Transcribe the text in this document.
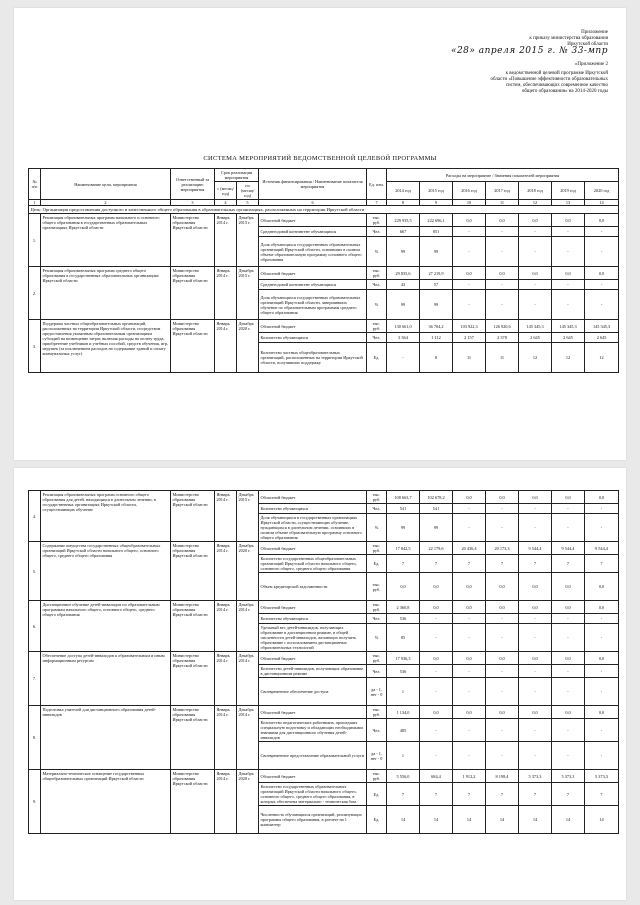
Приложение
к приказу министерства образования
Иркутской области
«28» апреля 2015 г. № 33-мпр
«Приложение 2
к ведомственной целевой программе Иркутской
области «Повышение эффективности образовательных
систем, обеспечивающих современное качество
общего образования» на 2014-2020 годы
СИСТЕМА МЕРОПРИЯТИЙ ВЕДОМСТВЕННОЙ ЦЕЛЕВОЙ ПРОГРАММЫ
№ п/п	Наименование цели, мероприятия	Ответственный за реализацию мероприятия	Срок реализации мероприятия		Источник финансирования / Наименование показателя мероприятия	Ед. изм.	Расходы на мероприятие / Значения показателей мероприятия						
			с (месяц/год)	по (месяц/год)			2014 год	2015 год	2016 год	2017 год	2018 год	2019 год	2020 год

1	2	3	4	5	6	7	8	9	10	11	12	13	14
Цель: Организация предоставления доступного и качественного общего образования в образовательных организациях, расположенных на территории Иркутской области													
1.	Реализация образовательных программ начального и основного общего образования в государственных образовательных организациях Иркутской области	Министерство образования Иркутской области	Январь 2014 г.	Декабрь 2015 г.	Областной бюджет	тыс. руб.	229 935,5	222 696,1	0,0	0,0	0,0	0,0	0,0
					Среднегодовой контингент обучающихся	Чел.	667	851	-	-	-	-	-
					Доля обучающихся государственных образовательных организаций Иркутской области, освоивших в полном объеме образовательную программу основного общего образования	%	99	99	-	-	-	-	-
2.	Реализация образовательных программ среднего общего образования в государственных образовательных организациях Иркутской области	Министерство образования Иркутской области	Январь 2014 г.	Декабрь 2015 г.	Областной бюджет	тыс. руб.	29 835,6	27 219,9	0,0	0,0	0,0	0,0	0,0
					Среднегодовой контингент обучающихся	Чел.	43	57	-	-	-	-	-
					Доля обучающихся государственных образовательных организаций Иркутской области, завершивших обучение по образовательным программам среднего общего образования	%	99	99	-	-	-	-	-
3.	Поддержка частных общеобразовательных организаций, расположенных на территории Иркутской области, посредством предоставления указанным образовательным организациям субсидий на возмещение затрат, включая расходы на оплату труда, приобретение учебников и учебных пособий, средств обучения, игр, игрушек (за исключением расходов на содержание зданий и оплату коммунальных услуг)	Министерство образования Иркутской области	Январь 2014 г.	Декабрь 2020 г.	Областной бюджет	тыс. руб.	130 661,0	36 704,2	103 922,3	126 920,6	145 345,3	145 345,3	145 345,3
					Количество обучающихся	Чел.	3 364	1 112	2 157	2 378	2 645	2 645	2 645
					Количество частных общеобразовательных организаций, расположенных на территории Иркутской области, получивших поддержку	Ед.	-	8	11	11	12	12	12
4.	Реализация образовательных программ основного общего образования для детей, находящихся в длительном лечении, в государственных организациях Иркутской области, осуществляющих обучение	Министерство образования Иркутской области	Январь 2014 г.	Декабрь 2015 г.	Областной бюджет	тыс. руб.	108 663,7	102 678,2	0,0	0,0	0,0	0,0	0,0
					Количество обучающихся	Чел.	541	541	-	-	-	-	-
					Доля обучающихся в государственных организациях Иркутской области, осуществляющих обучение, нуждающихся в длительном лечении, освоивших в полном объеме образовательную программу основного общего образования	%	99	99	-	-	-	-	-
5.	Содержание имущества государственных общеобразовательных организаций Иркутской области начального общего, основного общего, среднего общего образования	Министерство образования Иркутской области	Январь 2014 г.	Декабрь 2020 г.	Областной бюджет	тыс. руб.	17 842,5	22 179,6	20 436,4	20 173,3	9 544,4	9 544,4	9 544,4
					Количество государственных общеобразовательных организаций Иркутской области начального общего, основного общего, среднего общего образования	Ед.	7	7	7	7	7	7	7
					Объем кредиторской задолженности	тыс. руб.	0,0	0,0	0,0	0,0	0,0	0,0	0,0
6.	Дистанционное обучение детей-инвалидов по образовательным программам начального общего, основного общего, среднего общего образования	Министерство образования Иркутской области	Январь 2014 г.	Декабрь 2014 г.	Областной бюджет	тыс. руб.	2 360,8	0,0	0,0	0,0	0,0	0,0	0,0
					Количество обучающихся	Чел.	536	-	-	-	-	-	-
					Удельный вес детей-инвалидов, получающих образование в дистанционном режиме, в общей численности детей-инвалидов, желающих получить образование с использованием дистанционных образовательных технологий	%	85	-	-	-	-	-	-
7.	Обеспечение доступа детей-инвалидов к образовательным и иным информационным ресурсам	Министерство образования Иркутской области	Январь 2014 г.	Декабрь 2014 г.	Областной бюджет	тыс. руб.	17 936,3	0,0	0,0	0,0	0,0	0,0	0,0
					Количество детей-инвалидов, получающих образование в дистанционном режиме	Чел.	536	-	-	-	-	-	-
					Своевременное обеспечение доступа	да - 1, нет - 0	1	-	-	-	-	-	-
8.	Подготовка учителей для дистанционного образования детей-инвалидов	Министерство образования Иркутской области	Январь 2014 г.	Декабрь 2014 г.	Областной бюджет	тыс. руб.	1 134,0	0,0	0,0	0,0	0,0	0,0	0,0
					Количество педагогических работников, прошедших специальную подготовку и обладающих необходимыми знаниями для дистанционного обучения детей-инвалидов	Чел.	485	-	-	-	-	-	-
					Своевременное предоставление образовательной услуги	да - 1, нет - 0	1	-	-	-	-	-	-
9.	Материально-техническое оснащение государственных общеобразовательных организаций Иркутской области	Министерство образования Иркутской области	Январь 2014 г.	Декабрь 2020 г.	Областной бюджет	тыс. руб.	5 556,0	684,4	1 912,2	8 198,4	5 373,3	5 373,3	5 373,3
					Количество государственных образовательных организаций Иркутской области начального общего, основного общего, среднего общего образования, в которых обеспечена материально - техническая база	Ед.	7	7	7	7	7	7	7
					Численность обучающихся организаций, реализующих программы общего образования, в расчете на 1 компьютер	Ед.	14	14	14	14	14	14	14
